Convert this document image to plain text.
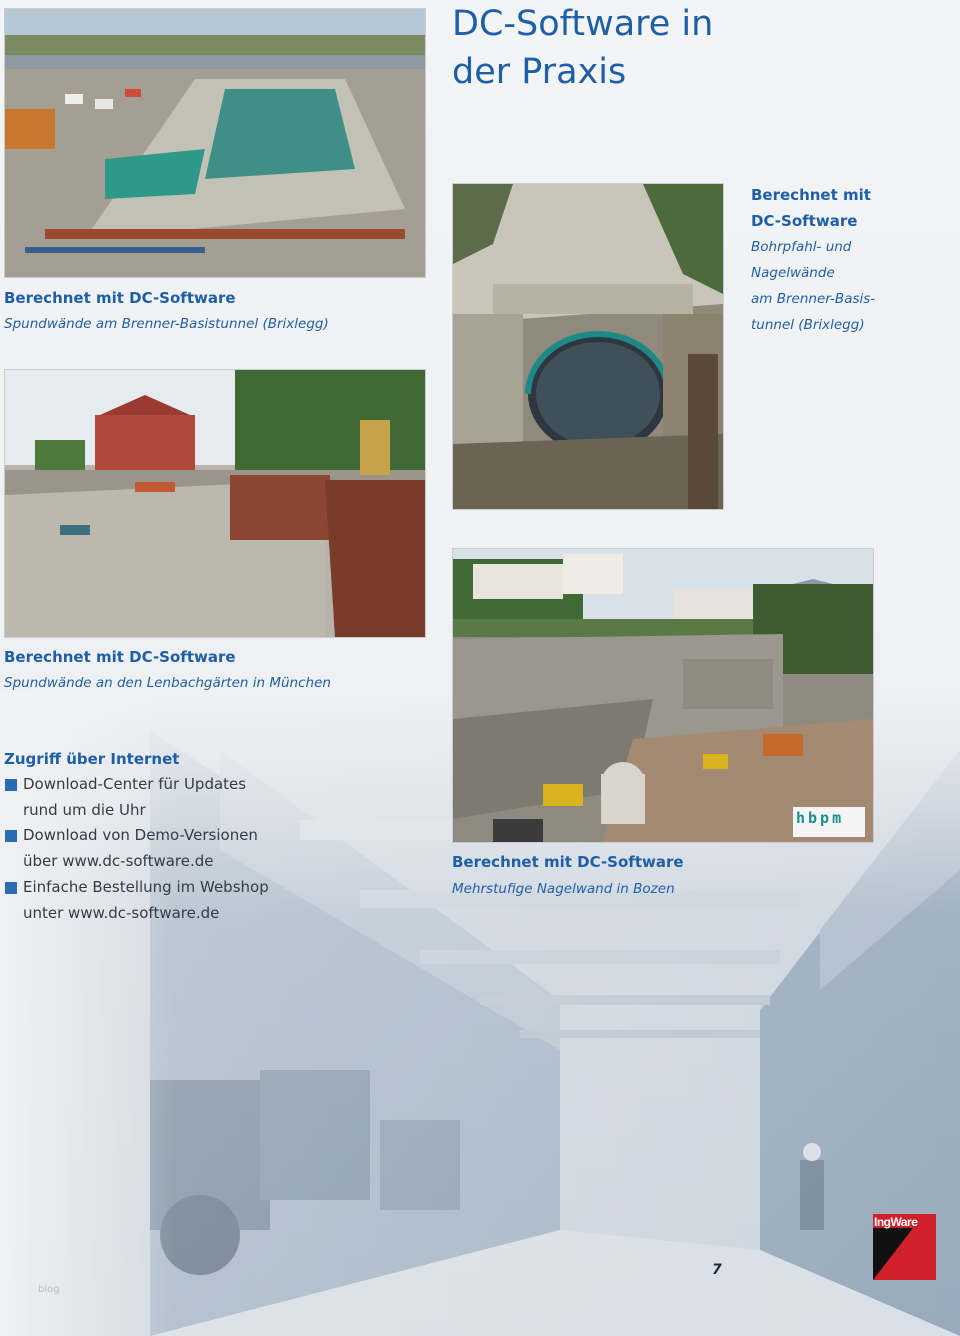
DC-Software in
der Praxis
Berechnet mit DC-Software
Spundwände am Brenner-Basistunnel (Brixlegg)
Berechnet mit
DC-Software
Bohrpfahl- und
Nagelwände
am Brenner-Basis-
tunnel (Brixlegg)
Berechnet mit DC-Software
Spundwände an den Lenbachgärten in München
hbpm
Berechnet mit DC-Software
Mehrstufige Nagelwand in Bozen
Zugriff über Internet
Download-Center für Updates
rund um die Uhr
Download von Demo-Versionen
über www.dc-software.de
Einfache Bestellung im Webshop
unter www.dc-software.de
7
IngWare
blog
